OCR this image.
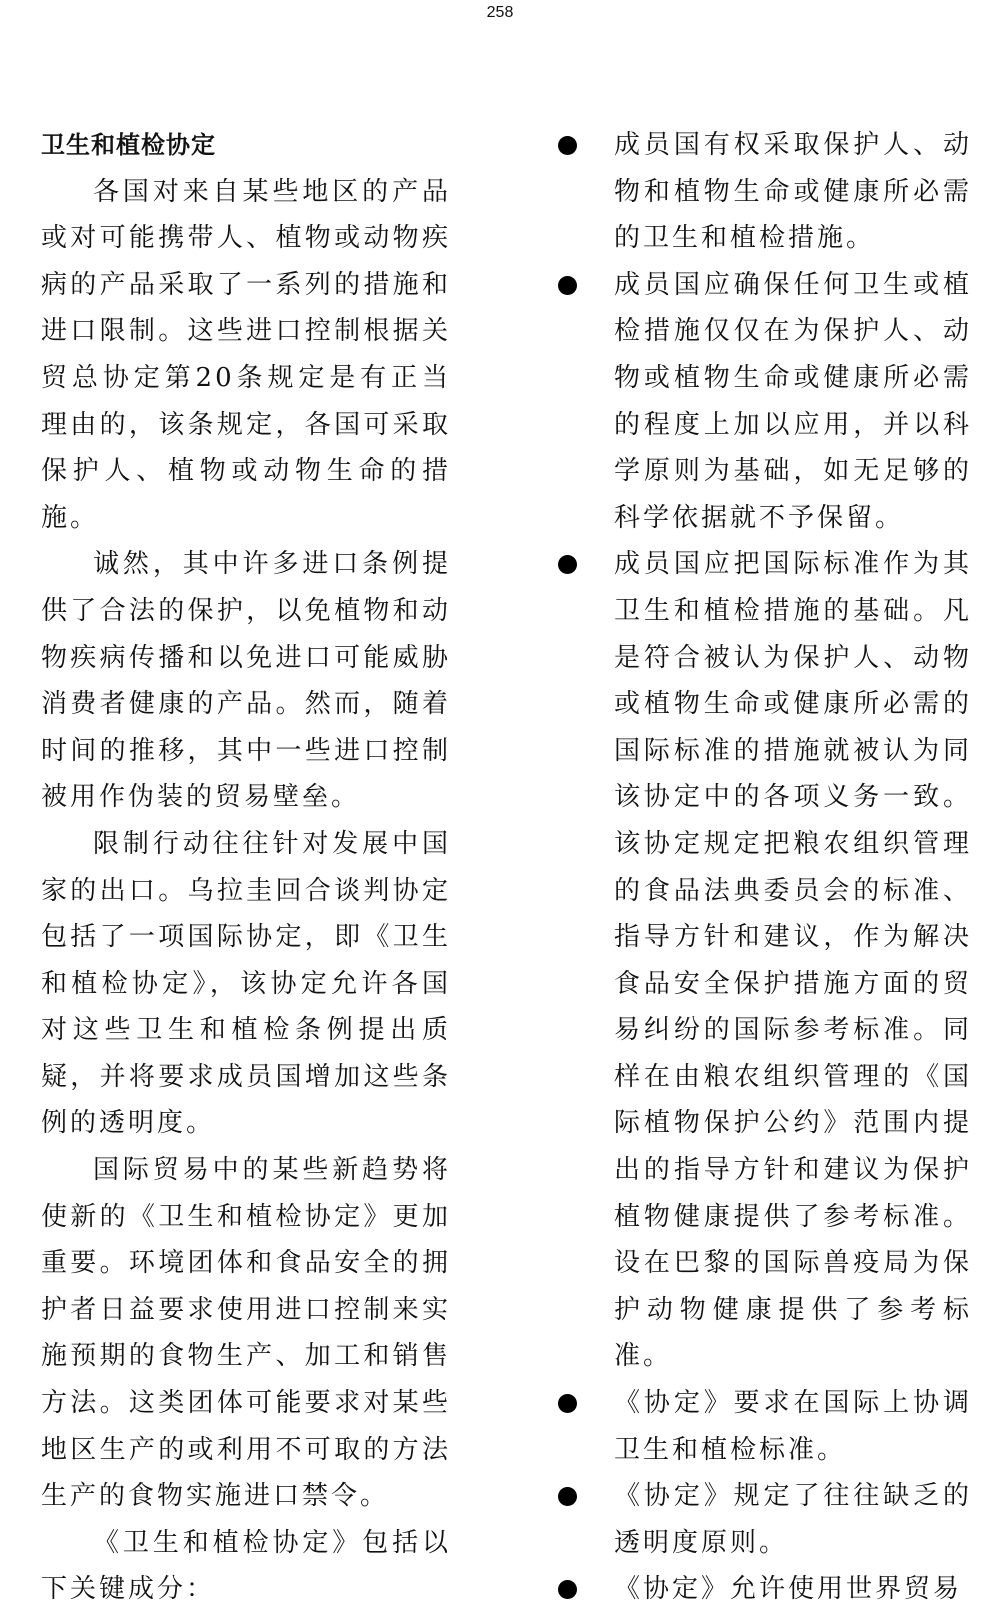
258
卫生和植检协定

各国对来自某些地区的产品或对可能携带人、植物或动物疾病的产品采取了一系列的措施和进口限制。这些进口控制根据关贸总协定第20条规定是有正当理由的，该条规定，各国可采取保护人、植物或动物生命的措施。

诚然，其中许多进口条例提供了合法的保护，以免植物和动物疾病传播和以免进口可能威胁消费者健康的产品。然而，随着时间的推移，其中一些进口控制被用作伪装的贸易壁垒。

限制行动往往针对发展中国家的出口。乌拉圭回合谈判协定包括了一项国际协定，即《卫生和植检协定》，该协定允许各国对这些卫生和植检条例提出质疑，并将要求成员国增加这些条例的透明度。

国际贸易中的某些新趋势将使新的《卫生和植检协定》更加重要。环境团体和食品安全的拥护者日益要求使用进口控制来实施预期的食物生产、加工和销售方法。这类团体可能要求对某些地区生产的或利用不可取的方法生产的食物实施进口禁令。

《卫生和植检协定》包括以下关键成分：

成员国有权采取保护人、动物和植物生命或健康所必需的卫生和植检措施。

成员国应确保任何卫生或植检措施仅仅在为保护人、动物或植物生命或健康所必需的程度上加以应用，并以科学原则为基础，如无足够的科学依据就不予保留。

成员国应把国际标准作为其卫生和植检措施的基础。凡是符合被认为保护人、动物或植物生命或健康所必需的国际标准的措施就被认为同该协定中的各项义务一致。该协定规定把粮农组织管理的食品法典委员会的标准、指导方针和建议，作为解决食品安全保护措施方面的贸易纠纷的国际参考标准。同样在由粮农组织管理的《国际植物保护公约》范围内提出的指导方针和建议为保护植物健康提供了参考标准。设在巴黎的国际兽疫局为保护动物健康提供了参考标准。

《协定》要求在国际上协调卫生和植检标准。

《协定》规定了往往缺乏的透明度原则。

《协定》允许使用世界贸易
